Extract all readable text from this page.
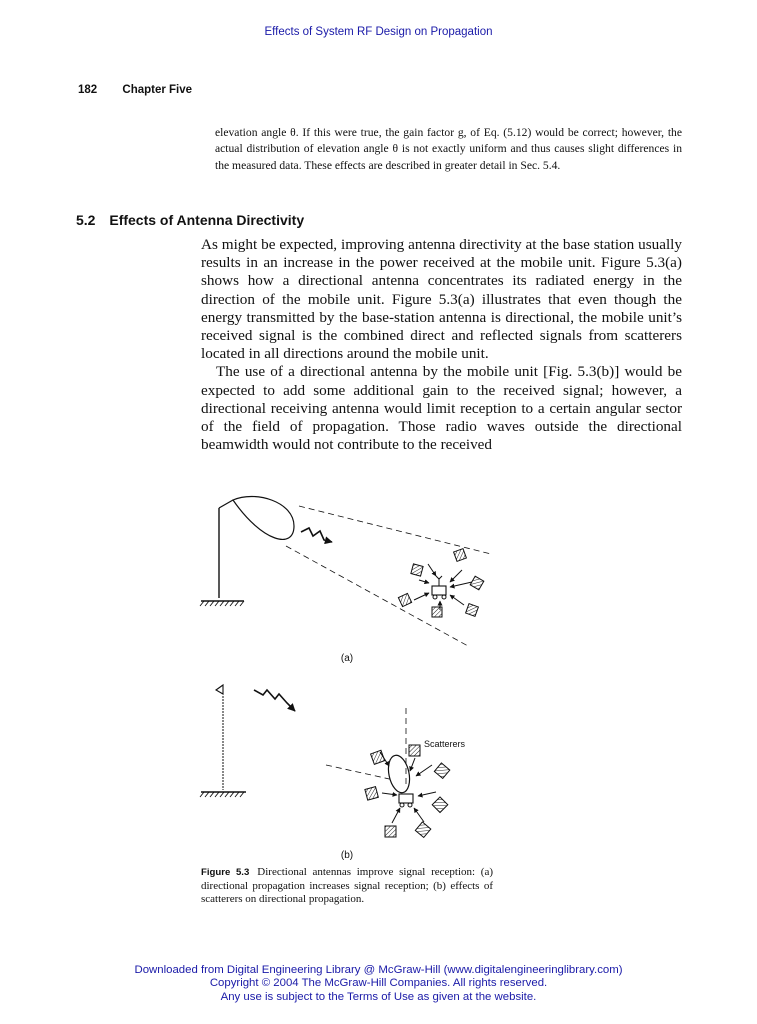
Effects of System RF Design on Propagation
182 Chapter Five

elevation angle θ. If this were true, the gain factor g, of Eq. (5.12) would be correct; however, the actual distribution of elevation angle θ is not exactly uniform and thus causes slight differences in the measured data. These effects are described in greater detail in Sec. 5.4.

5.2 Effects of Antenna Directivity

As might be expected, improving antenna directivity at the base station usually results in an increase in the power received at the mobile unit. Figure 5.3(a) shows how a directional antenna concentrates its radiated energy in the direction of the mobile unit. Figure 5.3(a) illustrates that even though the energy transmitted by the base-station antenna is directional, the mobile unit’s received signal is the combined direct and reflected signals from scatterers located in all directions around the mobile unit.

The use of a directional antenna by the mobile unit [Fig. 5.3(b)] would be expected to add some additional gain to the received signal; however, a directional receiving antenna would limit reception to a certain angular sector of the field of propagation. Those radio waves outside the directional beamwidth would not contribute to the received

(a)
Scatterers
(b)

Figure 5.3 Directional antennas improve signal reception: (a) directional propagation increases signal reception; (b) effects of scatterers on directional propagation.

Downloaded from Digital Engineering Library @ McGraw-Hill (www.digitalengineeringlibrary.com)
Copyright © 2004 The McGraw-Hill Companies. All rights reserved.
Any use is subject to the Terms of Use as given at the website.
